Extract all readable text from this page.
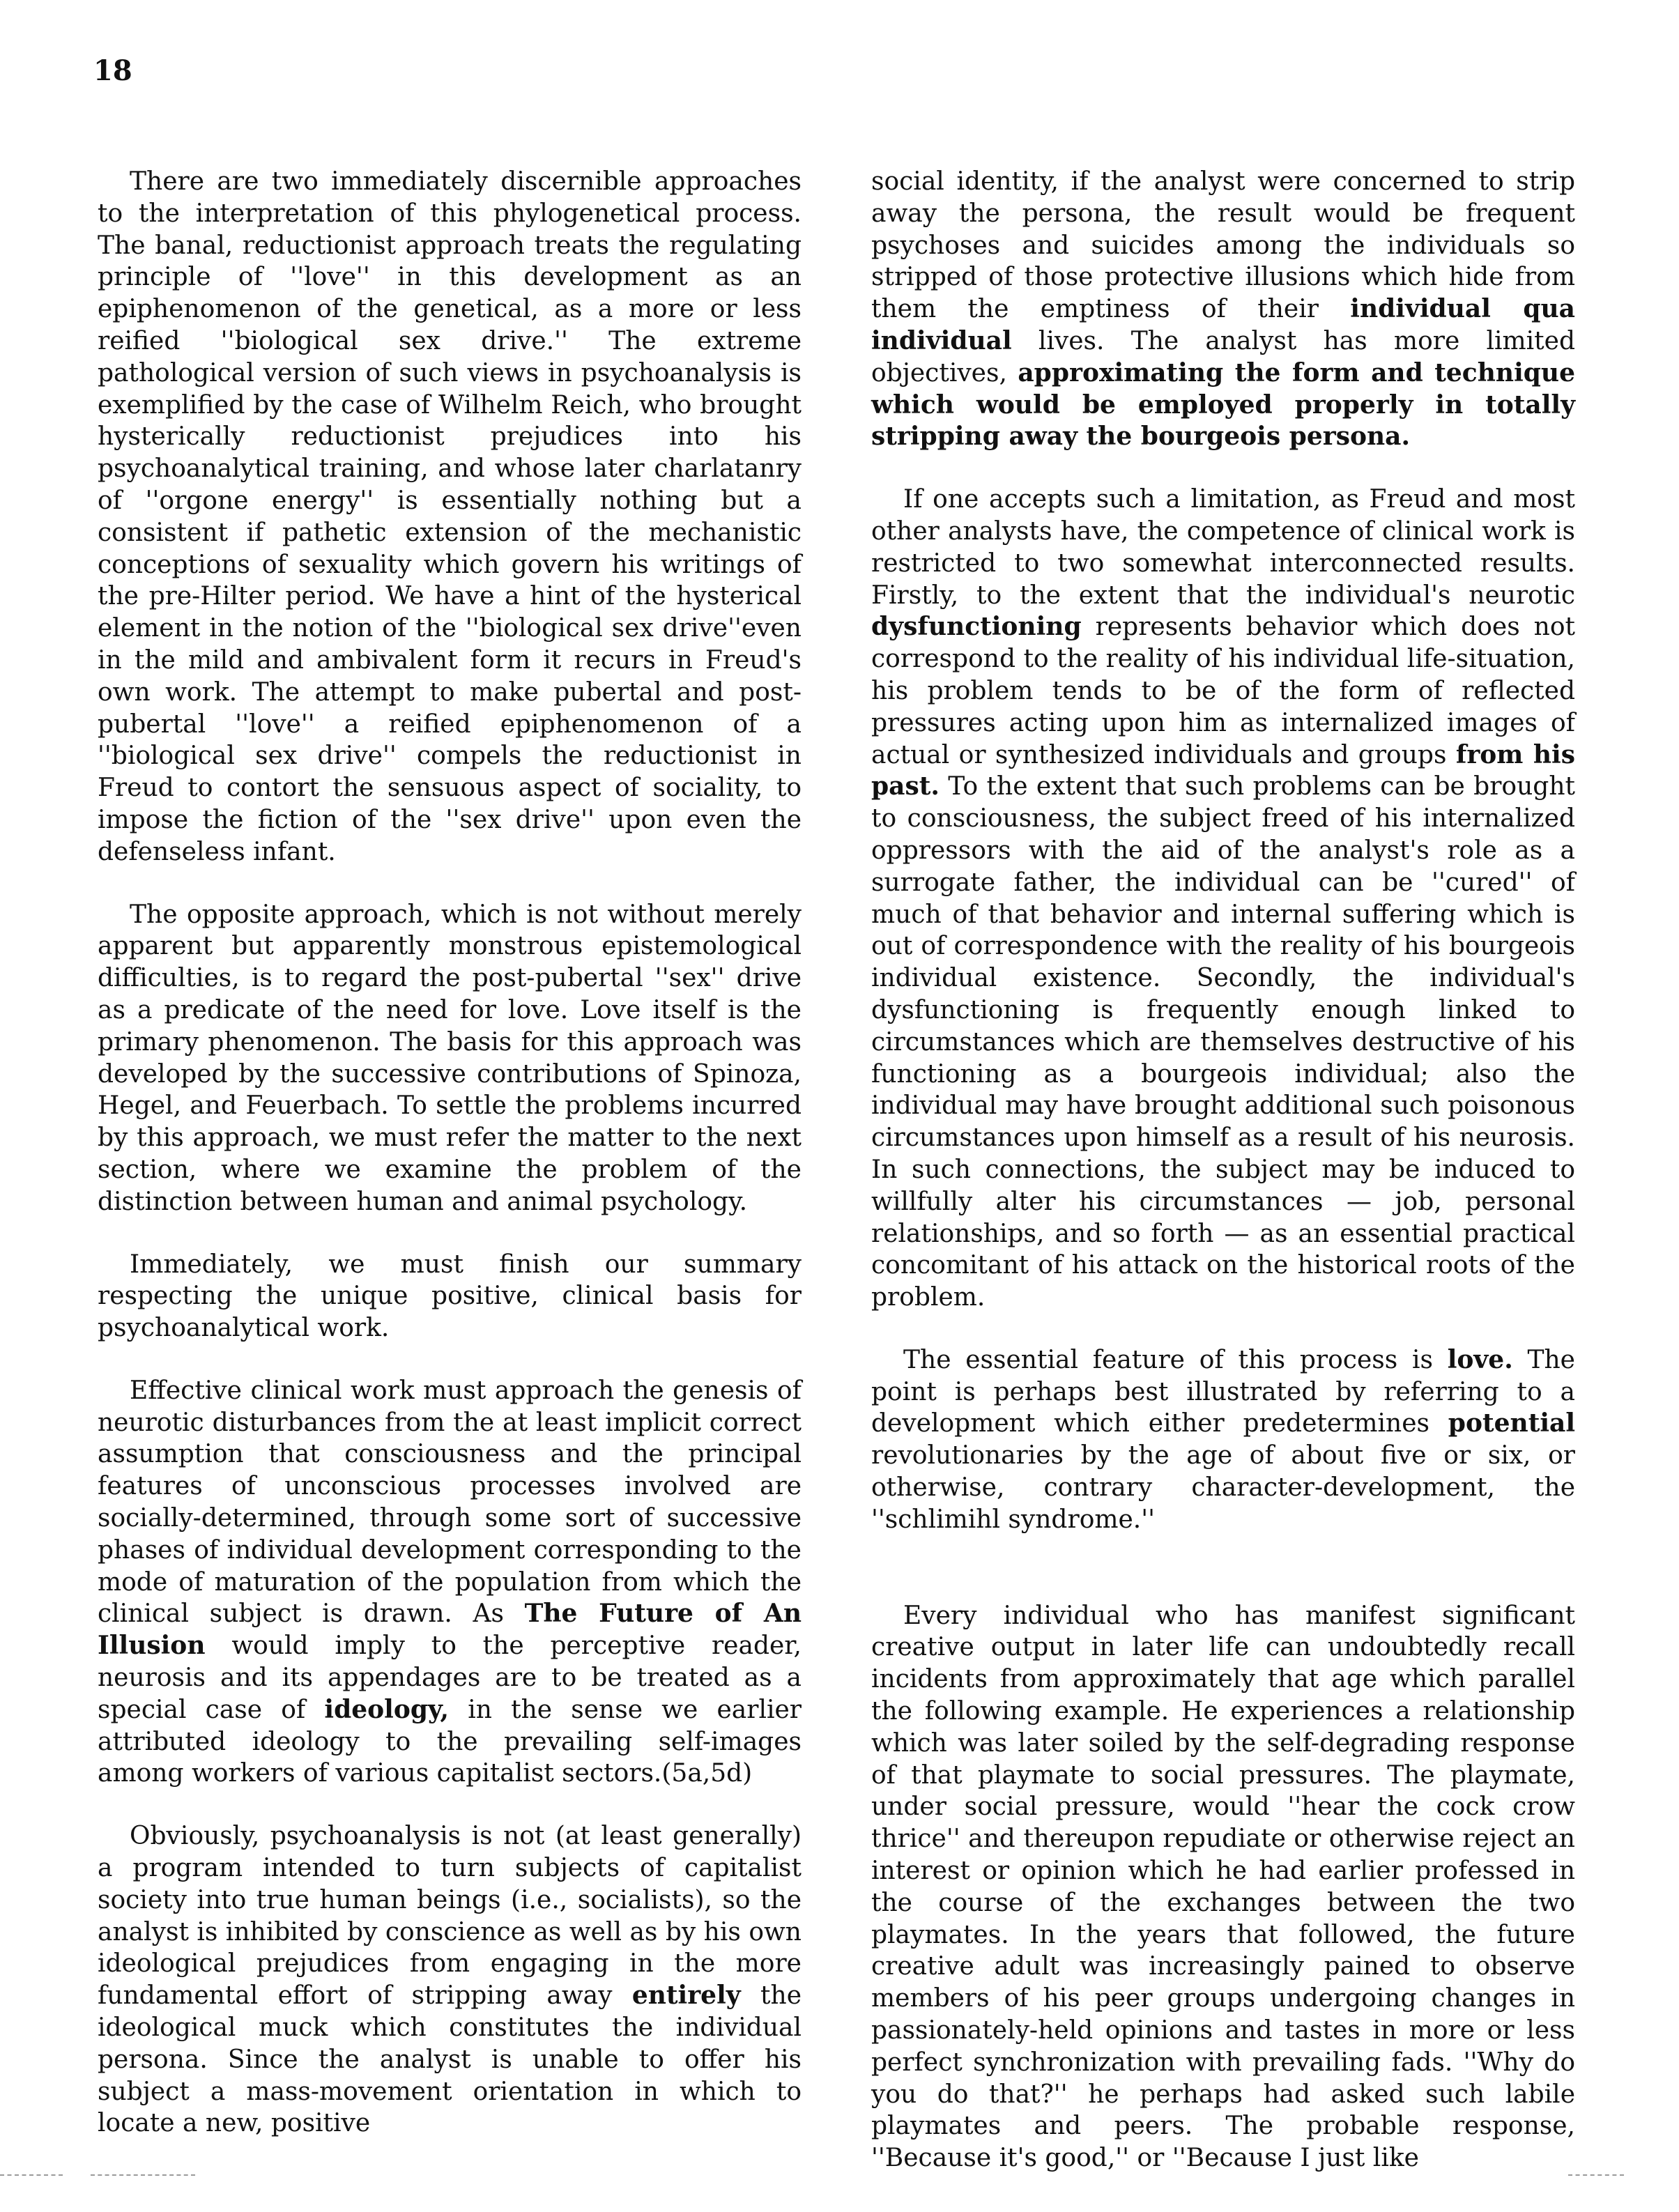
18

There are two immediately discernible approaches to the interpretation of this phylogenetical process. The banal, reductionist approach treats the regulating principle of ''love'' in this development as an epiphenomenon of the genetical, as a more or less reified ''biological sex drive.'' The extreme pathological version of such views in psychoanalysis is exemplified by the case of Wilhelm Reich, who brought hysterically reductionist prejudices into his psychoanalytical training, and whose later charlatanry of ''orgone energy'' is essentially nothing but a consistent if pathetic extension of the mechanistic conceptions of sexuality which govern his writings of the pre-Hilter period. We have a hint of the hysterical element in the notion of the ''biological sex drive''even in the mild and ambivalent form it recurs in Freud's own work. The attempt to make pubertal and post-pubertal ''love'' a reified epiphenomenon of a ''biological sex drive'' compels the reductionist in Freud to contort the sensuous aspect of sociality, to impose the fiction of the ''sex drive'' upon even the defenseless infant.

The opposite approach, which is not without merely apparent but apparently monstrous epistemological difficulties, is to regard the post-pubertal ''sex'' drive as a predicate of the need for love. Love itself is the primary phenomenon. The basis for this approach was developed by the successive contributions of Spinoza, Hegel, and Feuerbach. To settle the problems incurred by this approach, we must refer the matter to the next section, where we examine the problem of the distinction between human and animal psychology.

Immediately, we must finish our summary respecting the unique positive, clinical basis for psychoanalytical work.

Effective clinical work must approach the genesis of neurotic disturbances from the at least implicit correct assumption that consciousness and the principal features of unconscious processes involved are socially-determined, through some sort of successive phases of individual development corresponding to the mode of maturation of the population from which the clinical subject is drawn. As The Future of An Illusion would imply to the perceptive reader, neurosis and its appendages are to be treated as a special case of ideology, in the sense we earlier attributed ideology to the prevailing self-images among workers of various capitalist sectors.(5a,5d)

Obviously, psychoanalysis is not (at least generally) a program intended to turn subjects of capitalist society into true human beings (i.e., socialists), so the analyst is inhibited by conscience as well as by his own ideological prejudices from engaging in the more fundamental effort of stripping away entirely the ideological muck which constitutes the individual persona. Since the analyst is unable to offer his subject a mass-movement orientation in which to locate a new, positive

social identity, if the analyst were concerned to strip away the persona, the result would be frequent psychoses and suicides among the individuals so stripped of those protective illusions which hide from them the emptiness of their individual qua individual lives. The analyst has more limited objectives, approximating the form and technique which would be employed properly in totally stripping away the bourgeois persona.

If one accepts such a limitation, as Freud and most other analysts have, the competence of clinical work is restricted to two somewhat interconnected results. Firstly, to the extent that the individual's neurotic dysfunctioning represents behavior which does not correspond to the reality of his individual life-situation, his problem tends to be of the form of reflected pressures acting upon him as internalized images of actual or synthesized individuals and groups from his past. To the extent that such problems can be brought to consciousness, the subject freed of his internalized oppressors with the aid of the analyst's role as a surrogate father, the individual can be ''cured'' of much of that behavior and internal suffering which is out of correspondence with the reality of his bourgeois individual existence. Secondly, the individual's dysfunctioning is frequently enough linked to circumstances which are themselves destructive of his functioning as a bourgeois individual; also the individual may have brought additional such poisonous circumstances upon himself as a result of his neurosis. In such connections, the subject may be induced to willfully alter his circumstances — job, personal relationships, and so forth — as an essential practical concomitant of his attack on the historical roots of the problem.

The essential feature of this process is love. The point is perhaps best illustrated by referring to a development which either predetermines potential revolutionaries by the age of about five or six, or otherwise, contrary character-development, the ''schlimihl syndrome.''

Every individual who has manifest significant creative output in later life can undoubtedly recall incidents from approximately that age which parallel the following example. He experiences a relationship which was later soiled by the self-degrading response of that playmate to social pressures. The playmate, under social pressure, would ''hear the cock crow thrice'' and thereupon repudiate or otherwise reject an interest or opinion which he had earlier professed in the course of the exchanges between the two playmates. In the years that followed, the future creative adult was increasingly pained to observe members of his peer groups undergoing changes in passionately-held opinions and tastes in more or less perfect synchronization with prevailing fads. ''Why do you do that?'' he perhaps had asked such labile playmates and peers. The probable response, ''Because it's good,'' or ''Because I just like
